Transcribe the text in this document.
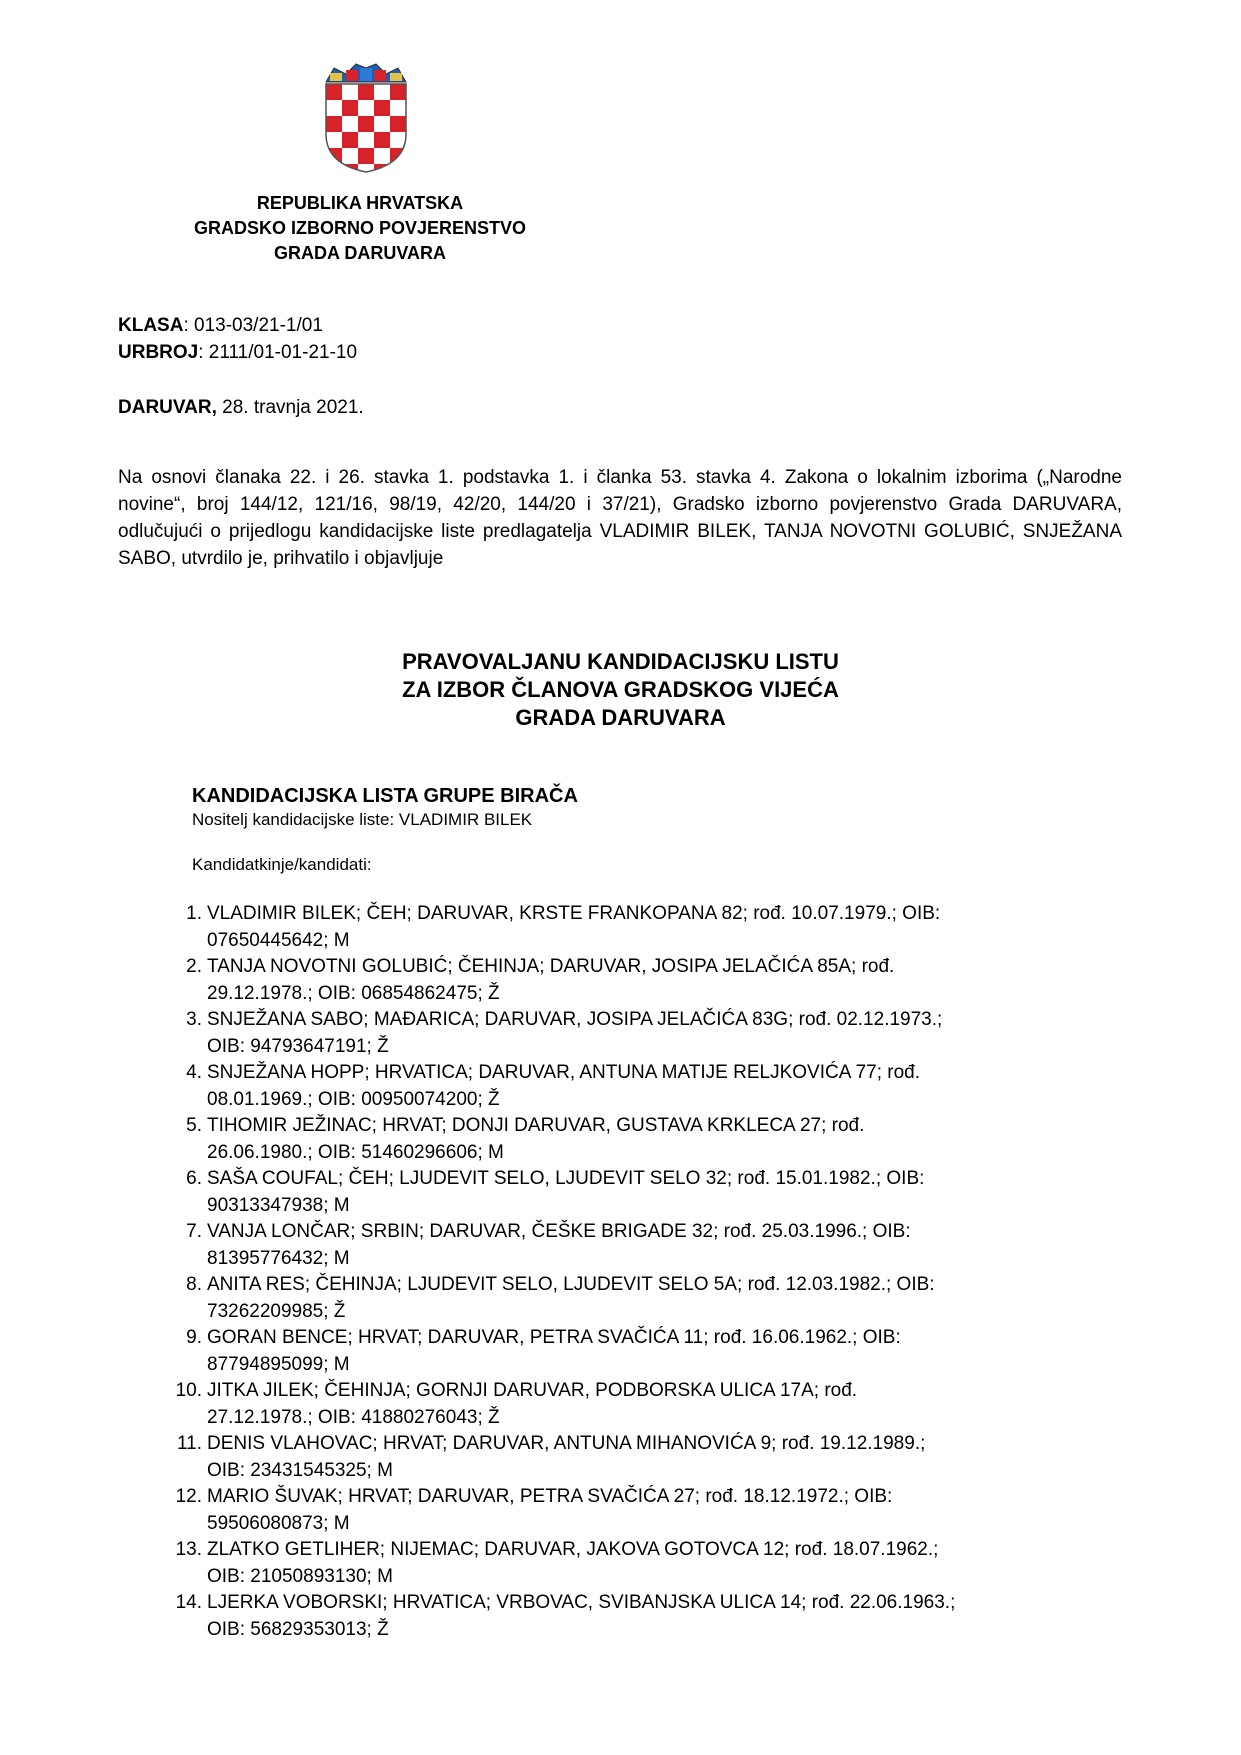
REPUBLIKA HRVATSKA
GRADSKO IZBORNO POVJERENSTVO
GRADA DARUVARA
KLASA: 013-03/21-1/01
URBROJ: 2111/01-01-21-10
DARUVAR, 28. travnja 2021.

Na osnovi članaka 22. i 26. stavka 1. podstavka 1. i članka 53. stavka 4. Zakona o lokalnim izborima („Narodne novine“, broj 144/12, 121/16, 98/19, 42/20, 144/20 i 37/21), Gradsko izborno povjerenstvo Grada DARUVARA, odlučujući o prijedlogu kandidacijske liste predlagatelja VLADIMIR BILEK, TANJA NOVOTNI GOLUBIĆ, SNJEŽANA SABO, utvrdilo je, prihvatilo i objavljuje

PRAVOVALJANU KANDIDACIJSKU LISTU
ZA IZBOR ČLANOVA GRADSKOG VIJEĆA
GRADA DARUVARA
KANDIDACIJSKA LISTA GRUPE BIRAČA
Nositelj kandidacijske liste: VLADIMIR BILEK
Kandidatkinje/kandidati:
1. VLADIMIR BILEK; ČEH; DARUVAR, KRSTE FRANKOPANA 82; rođ. 10.07.1979.; OIB:
07650445642; M
2. TANJA NOVOTNI GOLUBIĆ; ČEHINJA; DARUVAR, JOSIPA JELAČIĆA 85A; rođ.
29.12.1978.; OIB: 06854862475; Ž
3. SNJEŽANA SABO; MAĐARICA; DARUVAR, JOSIPA JELAČIĆA 83G; rođ. 02.12.1973.;
OIB: 94793647191; Ž
4. SNJEŽANA HOPP; HRVATICA; DARUVAR, ANTUNA MATIJE RELJKOVIĆA 77; rođ.
08.01.1969.; OIB: 00950074200; Ž
5. TIHOMIR JEŽINAC; HRVAT; DONJI DARUVAR, GUSTAVA KRKLECA 27; rođ.
26.06.1980.; OIB: 51460296606; M
6. SAŠA COUFAL; ČEH; LJUDEVIT SELO, LJUDEVIT SELO 32; rođ. 15.01.1982.; OIB:
90313347938; M
7. VANJA LONČAR; SRBIN; DARUVAR, ČEŠKE BRIGADE 32; rođ. 25.03.1996.; OIB:
81395776432; M
8. ANITA RES; ČEHINJA; LJUDEVIT SELO, LJUDEVIT SELO 5A; rođ. 12.03.1982.; OIB:
73262209985; Ž
9. GORAN BENCE; HRVAT; DARUVAR, PETRA SVAČIĆA 11; rođ. 16.06.1962.; OIB:
87794895099; M
10. JITKA JILEK; ČEHINJA; GORNJI DARUVAR, PODBORSKA ULICA 17A; rođ.
27.12.1978.; OIB: 41880276043; Ž
11. DENIS VLAHOVAC; HRVAT; DARUVAR, ANTUNA MIHANOVIĆA 9; rođ. 19.12.1989.;
OIB: 23431545325; M
12. MARIO ŠUVAK; HRVAT; DARUVAR, PETRA SVAČIĆA 27; rođ. 18.12.1972.; OIB:
59506080873; M
13. ZLATKO GETLIHER; NIJEMAC; DARUVAR, JAKOVA GOTOVCA 12; rođ. 18.07.1962.;
OIB: 21050893130; M
14. LJERKA VOBORSKI; HRVATICA; VRBOVAC, SVIBANJSKA ULICA 14; rođ. 22.06.1963.;
OIB: 56829353013; Ž
